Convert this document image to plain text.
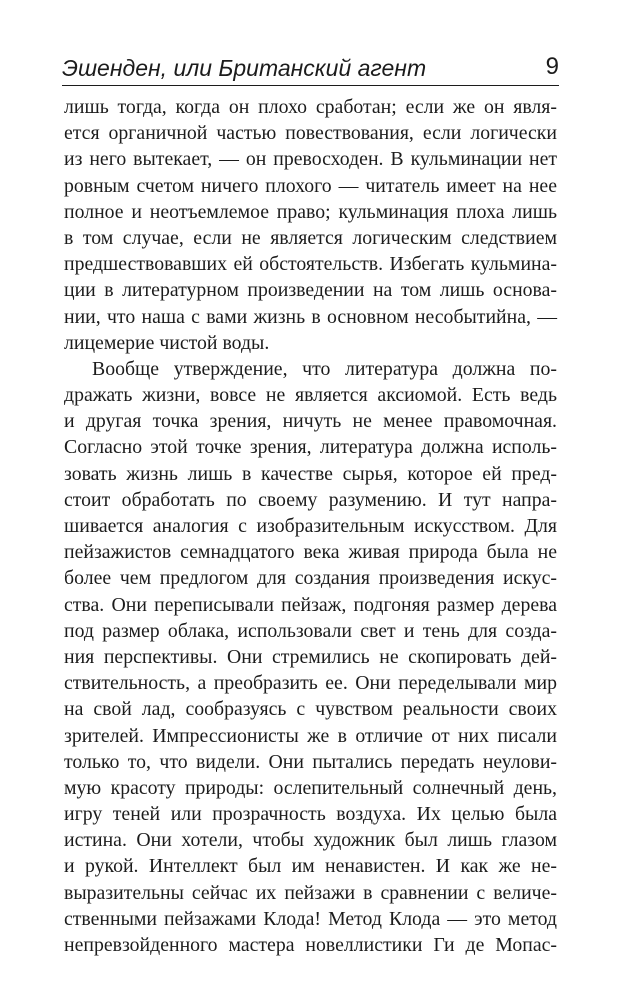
Эшенден, или Британский агент	9
лишь тогда, когда он плохо сработан; если же он явля-
ется органичной частью повествования, если логически
из него вытекает, — он превосходен. В кульминации нет
ровным счетом ничего плохого — читатель имеет на нее
полное и неотъемлемое право; кульминация плоха лишь
в том случае, если не является логическим следствием
предшествовавших ей обстоятельств. Избегать кульмина-
ции в литературном произведении на том лишь основа-
нии, что наша с вами жизнь в основном несобытийна, —
лицемерие чистой воды.
Вообще утверждение, что литература должна по-
дражать жизни, вовсе не является аксиомой. Есть ведь
и другая точка зрения, ничуть не менее правомочная.
Согласно этой точке зрения, литература должна исполь-
зовать жизнь лишь в качестве сырья, которое ей пред-
стоит обработать по своему разумению. И тут напра-
шивается аналогия с изобразительным искусством. Для
пейзажистов семнадцатого века живая природа была не
более чем предлогом для создания произведения искус-
ства. Они переписывали пейзаж, подгоняя размер дерева
под размер облака, использовали свет и тень для созда-
ния перспективы. Они стремились не скопировать дей-
ствительность, а преобразить ее. Они переделывали мир
на свой лад, сообразуясь с чувством реальности своих
зрителей. Импрессионисты же в отличие от них писали
только то, что видели. Они пытались передать неулови-
мую красоту природы: ослепительный солнечный день,
игру теней или прозрачность воздуха. Их целью была
истина. Они хотели, чтобы художник был лишь глазом
и рукой. Интеллект был им ненавистен. И как же не-
выразительны сейчас их пейзажи в сравнении с величе-
ственными пейзажами Клода! Метод Клода — это метод
непревзойденного мастера новеллистики Ги де Мопас-
